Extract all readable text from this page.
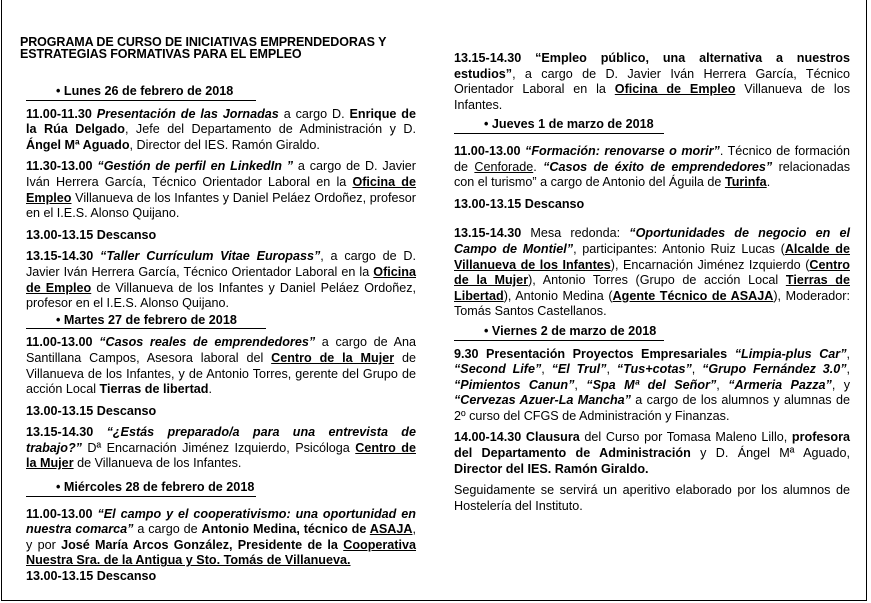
PROGRAMA DE CURSO DE INICIATIVAS EMPRENDEDORAS Y ESTRATEGIAS FORMATIVAS PARA EL EMPLEO
• Lunes 26 de febrero de 2018

11.00-11.30 Presentación de las Jornadas a cargo D. Enrique de la Rúa Delgado, Jefe del Departamento de Administración y D. Ángel Mª Aguado, Director del IES. Ramón Giraldo.

11.30-13.00 “Gestión de perfil en LinkedIn ” a cargo de D. Javier Iván Herrera García, Técnico Orientador Laboral en la Oficina de Empleo Villanueva de los Infantes y Daniel Peláez Ordoñez, profesor en el I.E.S. Alonso Quijano.

13.00-13.15 Descanso

13.15-14.30 “Taller Currículum Vitae Europass”, a cargo de D. Javier Iván Herrera García, Técnico Orientador Laboral en la Oficina de Empleo de Villanueva de los Infantes y Daniel Peláez Ordoñez, profesor en el I.E.S. Alonso Quijano.

• Martes 27 de febrero de 2018

11.00-13.00 “Casos reales de emprendedores” a cargo de Ana Santillana Campos, Asesora laboral del Centro de la Mujer de Villanueva de los Infantes, y de Antonio Torres, gerente del Grupo de acción Local Tierras de libertad.

13.00-13.15 Descanso

13.15-14.30 “¿Estás preparado/a para una entrevista de trabajo?” Dª Encarnación Jiménez Izquierdo, Psicóloga Centro de la Mujer de Villanueva de los Infantes.

• Miércoles 28 de febrero de 2018

11.00-13.00 “El campo y el cooperativismo: una oportunidad en nuestra comarca” a cargo de Antonio Medina, técnico de ASAJA, y por José María Arcos González, Presidente de la Cooperativa Nuestra Sra. de la Antigua y Sto. Tomás de Villanueva.

13.00-13.15 Descanso

13.15-14.30 “Empleo público, una alternativa a nuestros estudios”, a cargo de D. Javier Iván Herrera García, Técnico Orientador Laboral en la Oficina de Empleo Villanueva de los Infantes.

• Jueves 1 de marzo de 2018

11.00-13.00 “Formación: renovarse o morir”. Técnico de formación de Cenforade. “Casos de éxito de emprendedores” relacionadas con el turismo” a cargo de Antonio del Águila de Turinfa.

13.00-13.15 Descanso

13.15-14.30 Mesa redonda: “Oportunidades de negocio en el Campo de Montiel”, participantes: Antonio Ruiz Lucas (Alcalde de Villanueva de los Infantes), Encarnación Jiménez Izquierdo (Centro de la Mujer), Antonio Torres (Grupo de acción Local Tierras de Libertad), Antonio Medina (Agente Técnico de ASAJA), Moderador: Tomás Santos Castellanos.

• Viernes 2 de marzo de 2018

9.30 Presentación Proyectos Empresariales “Limpia-plus Car”, “Second Life”, “El Trul”, “Tus+cotas”, “Grupo Fernández 3.0”, “Pimientos Canun”, “Spa Mª del Señor”, “Armeria Pazza”, y “Cervezas Azuer-La Mancha” a cargo de los alumnos y alumnas de 2º curso del CFGS de Administración y Finanzas.

14.00-14.30 Clausura del Curso por Tomasa Maleno Lillo, profesora del Departamento de Administración y D. Ángel Mª Aguado, Director del IES. Ramón Giraldo.

Seguidamente se servirá un aperitivo elaborado por los alumnos de Hostelería del Instituto.
